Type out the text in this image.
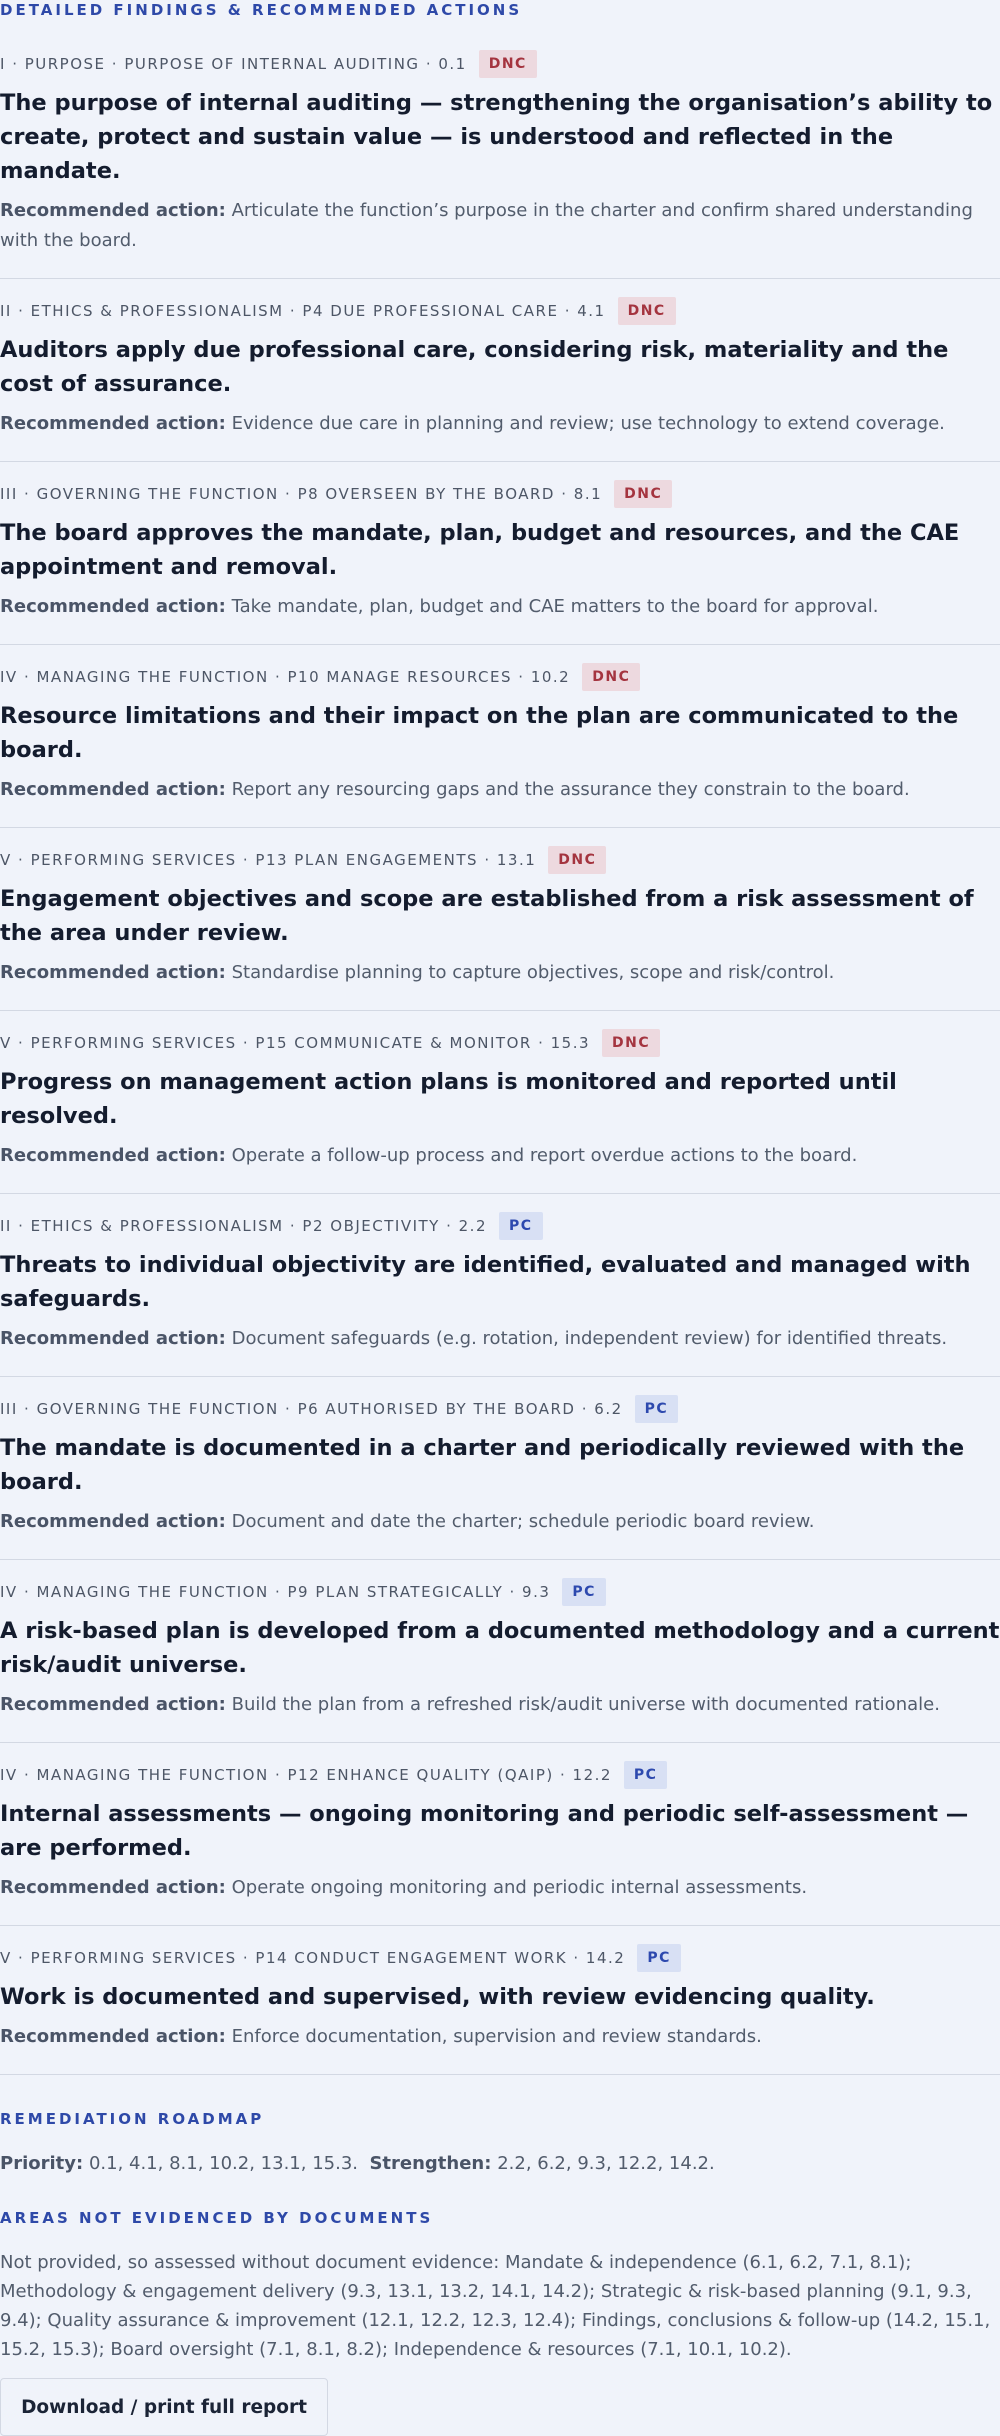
DETAILED FINDINGS & RECOMMENDED ACTIONS
I · PURPOSE · PURPOSE OF INTERNAL AUDITING · 0.1	DNC
The purpose of internal auditing — strengthening the organisation’s ability to create, protect and sustain value — is understood and reflected in the mandate.

Recommended action: Articulate the function’s purpose in the charter and confirm shared understanding with the board.

II · ETHICS & PROFESSIONALISM · P4 DUE PROFESSIONAL CARE · 4.1	DNC
Auditors apply due professional care, considering risk, materiality and the cost of assurance.

Recommended action: Evidence due care in planning and review; use technology to extend coverage.

III · GOVERNING THE FUNCTION · P8 OVERSEEN BY THE BOARD · 8.1	DNC
The board approves the mandate, plan, budget and resources, and the CAE appointment and removal.

Recommended action: Take mandate, plan, budget and CAE matters to the board for approval.

IV · MANAGING THE FUNCTION · P10 MANAGE RESOURCES · 10.2	DNC
Resource limitations and their impact on the plan are communicated to the board.

Recommended action: Report any resourcing gaps and the assurance they constrain to the board.

V · PERFORMING SERVICES · P13 PLAN ENGAGEMENTS · 13.1	DNC
Engagement objectives and scope are established from a risk assessment of the area under review.

Recommended action: Standardise planning to capture objectives, scope and risk/control.

V · PERFORMING SERVICES · P15 COMMUNICATE & MONITOR · 15.3	DNC
Progress on management action plans is monitored and reported until resolved.

Recommended action: Operate a follow-up process and report overdue actions to the board.

II · ETHICS & PROFESSIONALISM · P2 OBJECTIVITY · 2.2	PC
Threats to individual objectivity are identified, evaluated and managed with safeguards.

Recommended action: Document safeguards (e.g. rotation, independent review) for identified threats.

III · GOVERNING THE FUNCTION · P6 AUTHORISED BY THE BOARD · 6.2	PC
The mandate is documented in a charter and periodically reviewed with the board.

Recommended action: Document and date the charter; schedule periodic board review.

IV · MANAGING THE FUNCTION · P9 PLAN STRATEGICALLY · 9.3	PC
A risk-based plan is developed from a documented methodology and a current risk/audit universe.

Recommended action: Build the plan from a refreshed risk/audit universe with documented rationale.

IV · MANAGING THE FUNCTION · P12 ENHANCE QUALITY (QAIP) · 12.2	PC
Internal assessments — ongoing monitoring and periodic self-assessment — are performed.

Recommended action: Operate ongoing monitoring and periodic internal assessments.

V · PERFORMING SERVICES · P14 CONDUCT ENGAGEMENT WORK · 14.2	PC
Work is documented and supervised, with review evidencing quality.

Recommended action: Enforce documentation, supervision and review standards.

REMEDIATION ROADMAP

Priority: 0.1, 4.1, 8.1, 10.2, 13.1, 15.3. Strengthen: 2.2, 6.2, 9.3, 12.2, 14.2.

AREAS NOT EVIDENCED BY DOCUMENTS

Not provided, so assessed without document evidence: Mandate & independence (6.1, 6.2, 7.1, 8.1); Methodology & engagement delivery (9.3, 13.1, 13.2, 14.1, 14.2); Strategic & risk-based planning (9.1, 9.3, 9.4); Quality assurance & improvement (12.1, 12.2, 12.3, 12.4); Findings, conclusions & follow-up (14.2, 15.1, 15.2, 15.3); Board oversight (7.1, 8.1, 8.2); Independence & resources (7.1, 10.1, 10.2).

Download / print full report
